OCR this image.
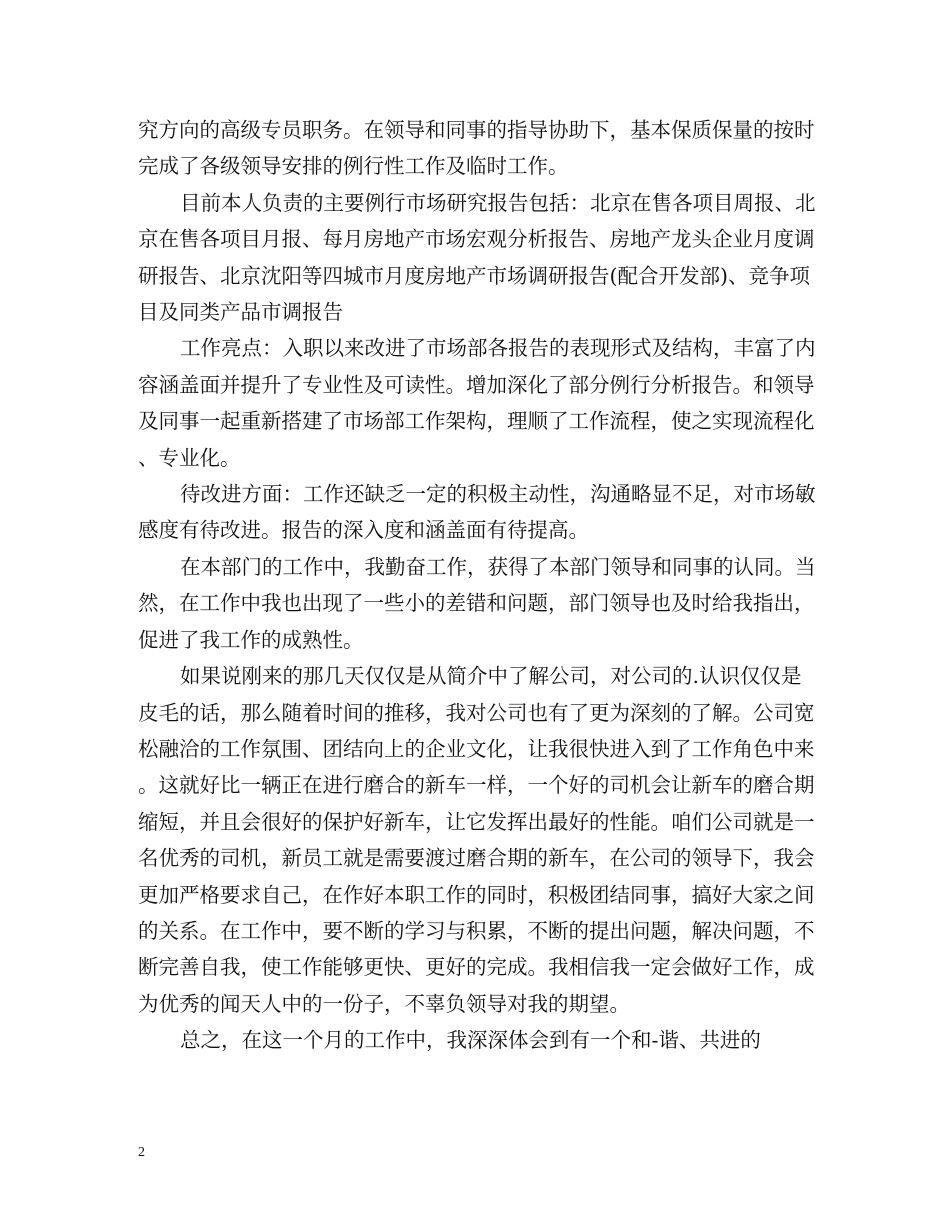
究方向的高级专员职务。在领导和同事的指导协助下，基本保质保量的按时完成了各级领导安排的例行性工作及临时工作。

目前本人负责的主要例行市场研究报告包括：北京在售各项目周报、北京在售各项目月报、每月房地产市场宏观分析报告、房地产龙头企业月度调研报告、北京沈阳等四城市月度房地产市场调研报告(配合开发部)、竞争项目及同类产品市调报告

工作亮点：入职以来改进了市场部各报告的表现形式及结构，丰富了内容涵盖面并提升了专业性及可读性。增加深化了部分例行分析报告。和领导及同事一起重新搭建了市场部工作架构，理顺了工作流程，使之实现流程化、专业化。

待改进方面：工作还缺乏一定的积极主动性，沟通略显不足，对市场敏感度有待改进。报告的深入度和涵盖面有待提高。

在本部门的工作中，我勤奋工作，获得了本部门领导和同事的认同。当然，在工作中我也出现了一些小的差错和问题，部门领导也及时给我指出，促进了我工作的成熟性。

如果说刚来的那几天仅仅是从简介中了解公司，对公司的.认识仅仅是皮毛的话，那么随着时间的推移，我对公司也有了更为深刻的了解。公司宽松融洽的工作氛围、团结向上的企业文化，让我很快进入到了工作角色中来。这就好比一辆正在进行磨合的新车一样，一个好的司机会让新车的磨合期缩短，并且会很好的保护好新车，让它发挥出最好的性能。咱们公司就是一名优秀的司机，新员工就是需要渡过磨合期的新车，在公司的领导下，我会更加严格要求自己，在作好本职工作的同时，积极团结同事，搞好大家之间的关系。在工作中，要不断的学习与积累，不断的提出问题，解决问题，不断完善自我，使工作能够更快、更好的完成。我相信我一定会做好工作，成为优秀的闻天人中的一份子，不辜负领导对我的期望。

总之，在这一个月的工作中，我深深体会到有一个和-谐、共进的

2
